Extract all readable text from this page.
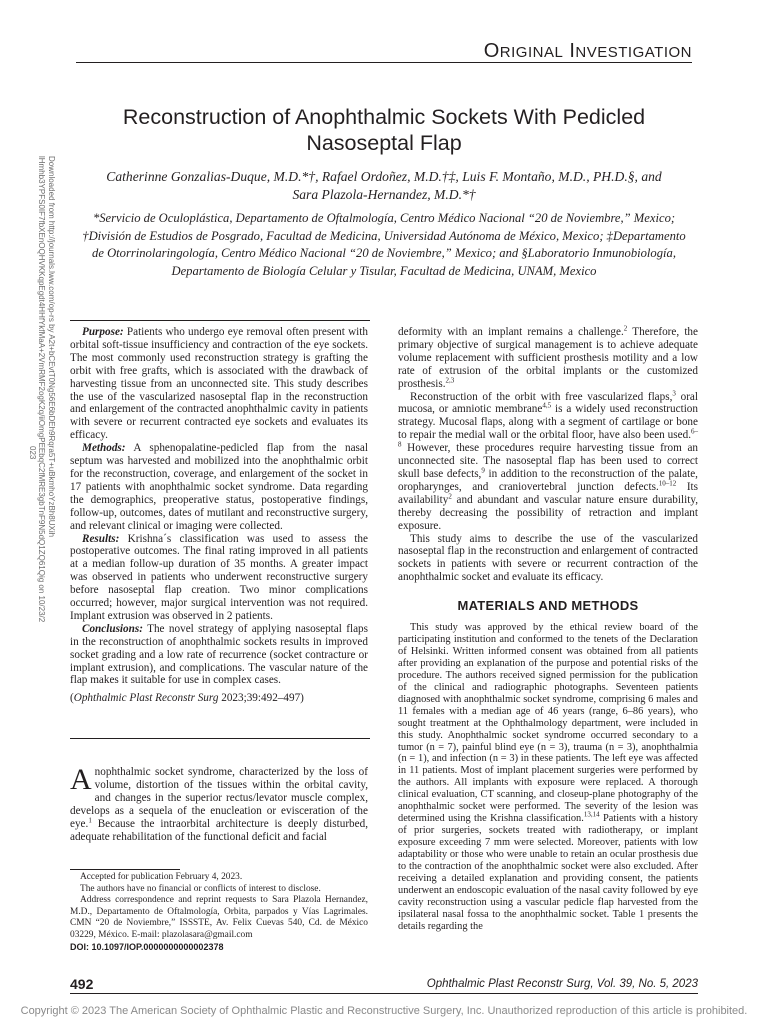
ORIGINAL INVESTIGATION
Reconstruction of Anophthalmic Sockets With Pedicled
Nasoseptal Flap
Catherinne Gonzalias-Duque, M.D.*†, Rafael Ordoñez, M.D.†‡, Luis F. Montaño, M.D., PH.D.§, and
Sara Plazola-Hernandez, M.D.*†
*Servicio de Oculoplástica, Departamento de Oftalmología, Centro Médico Nacional “20 de Noviembre,” Mexico;
†División de Estudios de Posgrado, Facultad de Medicina, Universidad Autónoma de México, Mexico; ‡Departamento
de Otorrinolaringología, Centro Médico Nacional “20 de Noviembre,” Mexico; and §Laboratorio Inmunobiología,
Departamento de Biología Celular y Tisular, Facultad de Medicina, UNAM, Mexico
Downloaded from http://journals.lww.com/op-rs by A2t+bCEvtT0Ng56E6bDEh9Rqra5T+uBkmhoYzBh8UXih
lHmhb3YPFS0IF7fbXEnOQHVKKqpEgdt4HHfYkfMaA+2VmRMF2ogK2q/iiOmgPEEbqC2fMRE3gbTnF9N5dQ1ZQ61Qig on 10/23/2
023

Purpose: Patients who undergo eye removal often present with orbital soft-tissue insufficiency and contraction of the eye sockets. The most commonly used reconstruction strategy is grafting the orbit with free grafts, which is associated with the drawback of harvesting tissue from an unconnected site. This study describes the use of the vascularized nasoseptal flap in the reconstruction and enlargement of the contracted anophthalmic cavity in patients with severe or recurrent contracted eye sockets and evaluates its efficacy.

Methods: A sphenopalatine-pedicled flap from the nasal septum was harvested and mobilized into the anophthalmic orbit for the reconstruction, coverage, and enlargement of the socket in 17 patients with anophthalmic socket syndrome. Data regarding the demographics, preoperative status, postoperative findings, follow-up, outcomes, dates of mutilant and reconstructive surgery, and relevant clinical or imaging were collected.

Results: Krishna´s classification was used to assess the postoperative outcomes. The final rating improved in all patients at a median follow-up duration of 35 months. A greater impact was observed in patients who underwent reconstructive surgery before nasoseptal flap creation. Two minor complications occurred; however, major surgical intervention was not required. Implant extrusion was observed in 2 patients.

Conclusions: The novel strategy of applying nasoseptal flaps in the reconstruction of anophthalmic sockets results in improved socket grading and a low rate of recurrence (socket contracture or implant extrusion), and complications. The vascular nature of the flap makes it suitable for use in complex cases.

(Ophthalmic Plast Reconstr Surg 2023;39:492–497)

Anophthalmic socket syndrome, characterized by the loss of volume, distortion of the tissues within the orbital cavity, and changes in the superior rectus/levator muscle complex, develops as a sequela of the enucleation or evisceration of the eye.$^1$ Because the intraorbital architecture is deeply disturbed, adequate rehabilitation of the functional deficit and facial

Accepted for publication February 4, 2023.

The authors have no financial or conflicts of interest to disclose.

Address correspondence and reprint requests to Sara Plazola Hernandez, M.D., Departamento de Oftalmología, Orbita, parpados y Vías Lagrimales. CMN “20 de Noviembre,” ISSSTE, Av. Felix Cuevas 540, Cd. de México 03229, México. E-mail: plazolasara@gmail.com

DOI: 10.1097/IOP.0000000000002378

deformity with an implant remains a challenge.$^2$ Therefore, the primary objective of surgical management is to achieve adequate volume replacement with sufficient prosthesis motility and a low rate of extrusion of the orbital implants or the customized prosthesis.$^{2,3}$

Reconstruction of the orbit with free vascularized flaps,$^3$ oral mucosa, or amniotic membrane$^{4,5}$ is a widely used reconstruction strategy. Mucosal flaps, along with a segment of cartilage or bone to repair the medial wall or the orbital floor, have also been used.$^{6-8}$ However, these procedures require harvesting tissue from an unconnected site. The nasoseptal flap has been used to correct skull base defects,$^9$ in addition to the reconstruction of the palate, oropharynges, and craniovertebral junction defects.$^{10-12}$ Its availability$^2$ and abundant and vascular nature ensure durability, thereby decreasing the possibility of retraction and implant exposure.

This study aims to describe the use of the vascularized nasoseptal flap in the reconstruction and enlargement of contracted sockets in patients with severe or recurrent contraction of the anophthalmic socket and evaluate its efficacy.

MATERIALS AND METHODS

This study was approved by the ethical review board of the participating institution and conformed to the tenets of the Declaration of Helsinki. Written informed consent was obtained from all patients after providing an explanation of the purpose and potential risks of the procedure. The authors received signed permission for the publication of the clinical and radiographic photographs. Seventeen patients diagnosed with anophthalmic socket syndrome, comprising 6 males and 11 females with a median age of 46 years (range, 6–86 years), who sought treatment at the Ophthalmology department, were included in this study. Anophthalmic socket syndrome occurred secondary to a tumor (n = 7), painful blind eye (n = 3), trauma (n = 3), anophthalmia (n = 1), and infection (n = 3) in these patients. The left eye was affected in 11 patients. Most of implant placement surgeries were performed by the authors. All implants with exposure were replaced. A thorough clinical evaluation, CT scanning, and closeup-plane photography of the anophthalmic socket were performed. The severity of the lesion was determined using the Krishna classification.$^{13,14}$ Patients with a history of prior surgeries, sockets treated with radiotherapy, or implant exposure exceeding 7 mm were selected. Moreover, patients with low adaptability or those who were unable to retain an ocular prosthesis due to the contraction of the anophthalmic socket were also excluded. After receiving a detailed explanation and providing consent, the patients underwent an endoscopic evaluation of the nasal cavity followed by eye cavity reconstruction using a vascular pedicle flap harvested from the ipsilateral nasal fossa to the anophthalmic socket. Table 1 presents the details regarding the

492	Ophthalmic Plast Reconstr Surg, Vol. 39, No. 5, 2023
Copyright © 2023 The American Society of Ophthalmic Plastic and Reconstructive Surgery, Inc. Unauthorized reproduction of this article is prohibited.
